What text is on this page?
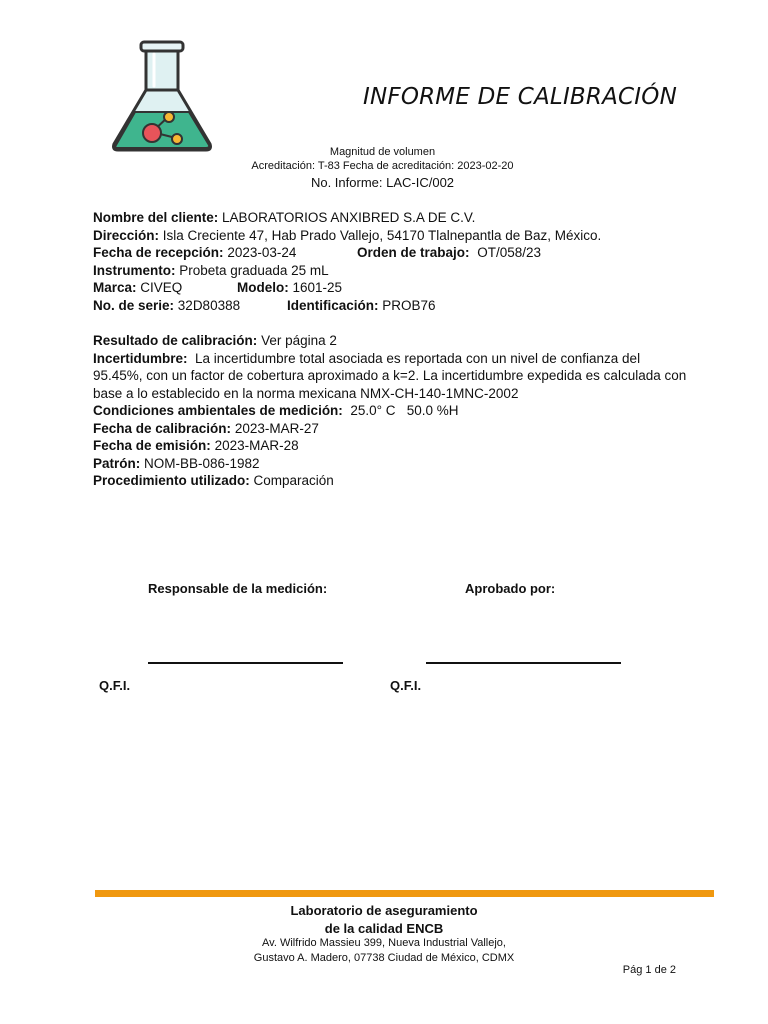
INFORME DE CALIBRACIÓN
Magnitud de volumen
Acreditación: T-83 Fecha de acreditación: 2023-02-20
No. Informe: LAC-IC/002
Nombre del cliente: LABORATORIOS ANXIBRED S.A DE C.V.
Dirección: Isla Creciente 47, Hab Prado Vallejo, 54170 Tlalnepantla de Baz, México.
Fecha de recepción: 2023-03-24	Orden de trabajo: OT/058/23
Instrumento: Probeta graduada 25 mL
Marca: CIVEQ	Modelo: 1601-25
No. de serie: 32D80388	Identificación: PROB76
Resultado de calibración: Ver página 2
Incertidumbre: La incertidumbre total asociada es reportada con un nivel de confianza del 95.45%, con un factor de cobertura aproximado a k=2. La incertidumbre expedida es calculada con base a lo establecido en la norma mexicana NMX-CH-140-1MNC-2002
Condiciones ambientales de medición: 25.0° C   50.0 %H
Fecha de calibración: 2023-MAR-27
Fecha de emisión: 2023-MAR-28
Patrón: NOM-BB-086-1982
Procedimiento utilizado: Comparación
Responsable de la medición:	Aprobado por:
Q.F.I.	Q.F.I.
Laboratorio de aseguramiento
de la calidad ENCB
Av. Wilfrido Massieu 399, Nueva Industrial Vallejo,
Gustavo A. Madero, 07738 Ciudad de México, CDMX
Pág 1 de 2
